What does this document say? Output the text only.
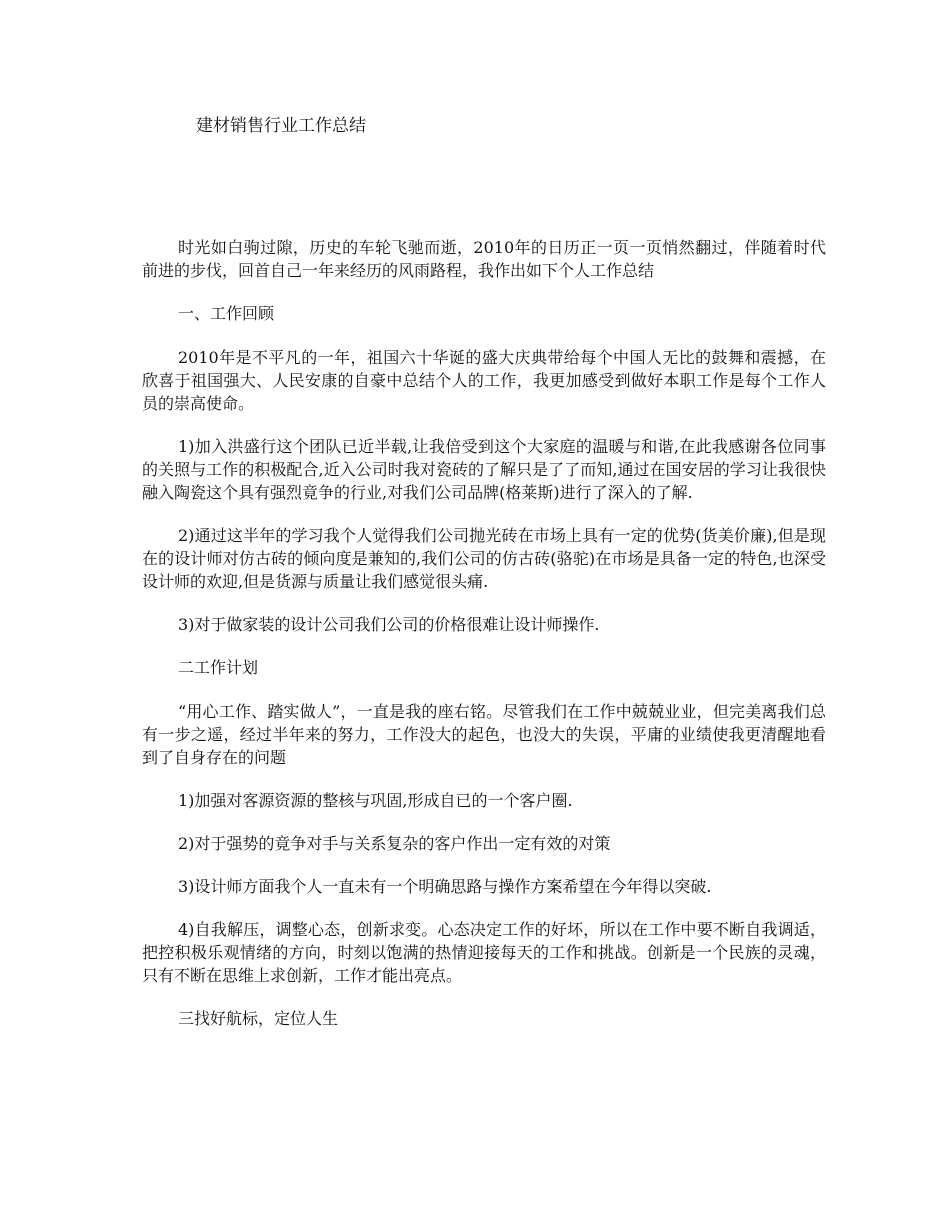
建材销售行业工作总结

时光如白驹过隙，历史的车轮飞驰而逝，2010年的日历正一页一页悄然翻过，伴随着时代前进的步伐，回首自己一年来经历的风雨路程，我作出如下个人工作总结

一、工作回顾

2010年是不平凡的一年，祖国六十华诞的盛大庆典带给每个中国人无比的鼓舞和震撼，在欣喜于祖国强大、人民安康的自豪中总结个人的工作，我更加感受到做好本职工作是每个工作人员的崇高使命。

1)加入洪盛行这个团队已近半载,让我倍受到这个大家庭的温暖与和谐,在此我感谢各位同事的关照与工作的积极配合,近入公司时我对瓷砖的了解只是了了而知,通过在国安居的学习让我很快融入陶瓷这个具有强烈竟争的行业,对我们公司品牌(格莱斯)进行了深入的了解.

2)通过这半年的学习我个人觉得我们公司抛光砖在市场上具有一定的优势(货美价廉),但是现在的设计师对仿古砖的倾向度是兼知的,我们公司的仿古砖(骆驼)在市场是具备一定的特色,也深受设计师的欢迎,但是货源与质量让我们感觉很头痛.

3)对于做家装的设计公司我们公司的价格很难让设计师操作.

二工作计划

“用心工作、踏实做人”，一直是我的座右铭。尽管我们在工作中兢兢业业，但完美离我们总有一步之遥，经过半年来的努力，工作没大的起色，也没大的失误，平庸的业绩使我更清醒地看到了自身存在的问题

1)加强对客源资源的整核与巩固,形成自已的一个客户圈.

2)对于强势的竟争对手与关系复杂的客户作出一定有效的对策

3)设计师方面我个人一直未有一个明确思路与操作方案希望在今年得以突破.

4)自我解压，调整心态，创新求变。心态决定工作的好坏，所以在工作中要不断自我调适，把控积极乐观情绪的方向，时刻以饱满的热情迎接每天的工作和挑战。创新是一个民族的灵魂，只有不断在思维上求创新，工作才能出亮点。

三找好航标，定位人生
